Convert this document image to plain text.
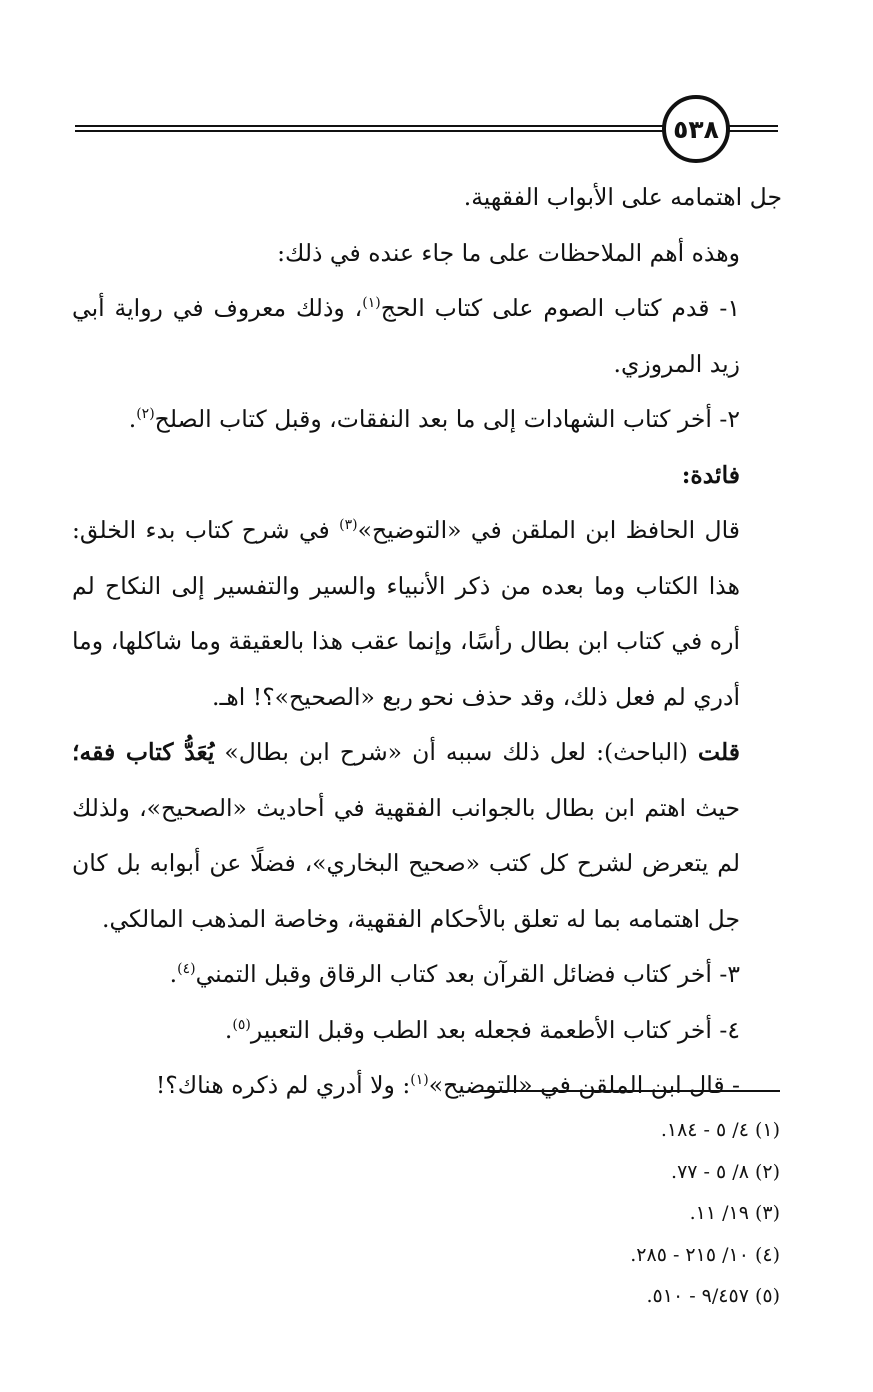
٥٣٨

جل اهتمامه على الأبواب الفقهية.

وهذه أهم الملاحظات على ما جاء عنده في ذلك:

١- قدم كتاب الصوم على كتاب الحج$^{(١)}$، وذلك معروف في رواية أبي زيد المروزي.

٢- أخر كتاب الشهادات إلى ما بعد النفقات، وقبل كتاب الصلح$^{(٢)}$.

فائدة:

قال الحافظ ابن الملقن في «التوضيح»$^{(٣)}$ في شرح كتاب بدء الخلق: هذا الكتاب وما بعده من ذكر الأنبياء والسير والتفسير إلى النكاح لم أره في كتاب ابن بطال رأسًا، وإنما عقب هذا بالعقيقة وما شاكلها، وما أدري لم فعل ذلك، وقد حذف نحو ربع «الصحيح»؟! اهـ.

قلت (الباحث): لعل ذلك سببه أن «شرح ابن بطال» يُعَدُّ كتاب فقه؛ حيث اهتم ابن بطال بالجوانب الفقهية في أحاديث «الصحيح»، ولذلك لم يتعرض لشرح كل كتب «صحيح البخاري»، فضلًا عن أبوابه بل كان جل اهتمامه بما له تعلق بالأحكام الفقهية، وخاصة المذهب المالكي.

٣- أخر كتاب فضائل القرآن بعد كتاب الرقاق وقبل التمني$^{(٤)}$.

٤- أخر كتاب الأطعمة فجعله بعد الطب وقبل التعبير$^{(٥)}$.

- قال ابن الملقن في «التوضيح»$^{(١)}$: ولا أدري لم ذكره هناك؟!

(١) ٤/ ٥ - ١٨٤.

(٢) ٨/ ٥ - ٧٧.

(٣) ١٩/ ١١.

(٤) ١٠/ ٢١٥ - ٢٨٥.

(٥) ٩/٤٥٧ - ٥١٠.
